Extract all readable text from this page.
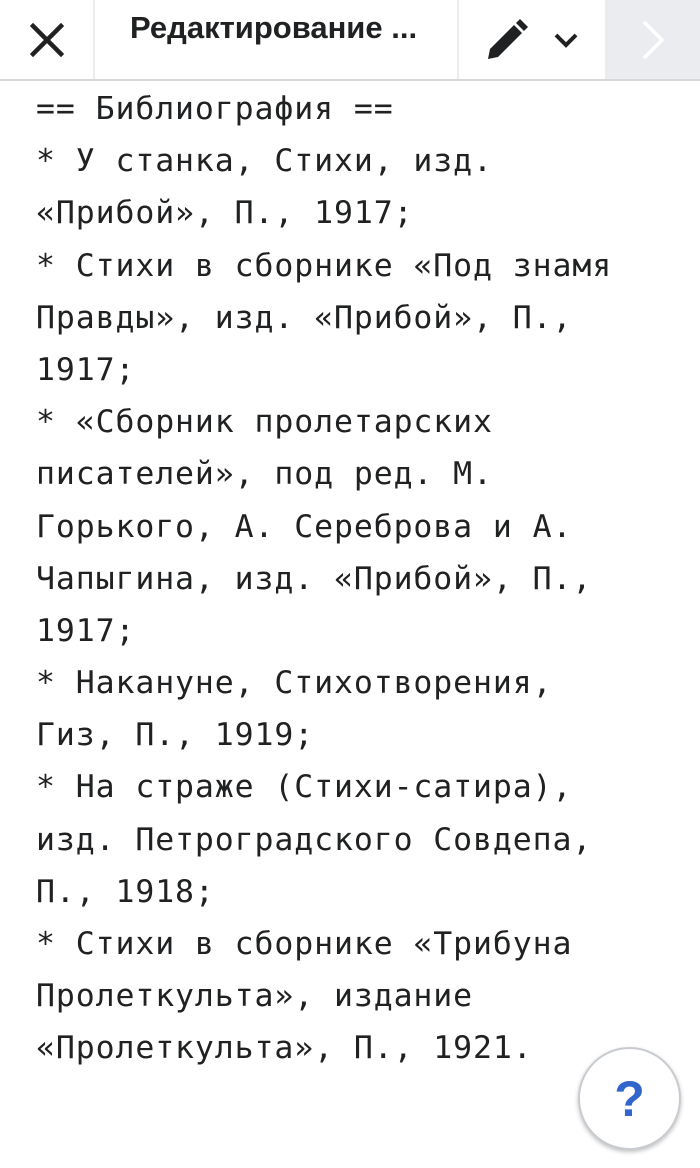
Редактирование ...
== Библиография ==
* У станка, Стихи, изд.
«Прибой», П., 1917;
* Стихи в сборнике «Под знамя
Правды», изд. «Прибой», П.,
1917;
* «Сборник пролетарских
писателей», под ред. М.
Горького, А. Сереброва и А.
Чапыгина, изд. «Прибой», П.,
1917;
* Накануне, Стихотворения,
Гиз, П., 1919;
* На страже (Стихи-сатира),
изд. Петроградского Совдепа,
П., 1918;
* Стихи в сборнике «Трибуна
Пролеткульта», издание
«Пролеткульта», П., 1921.
?
